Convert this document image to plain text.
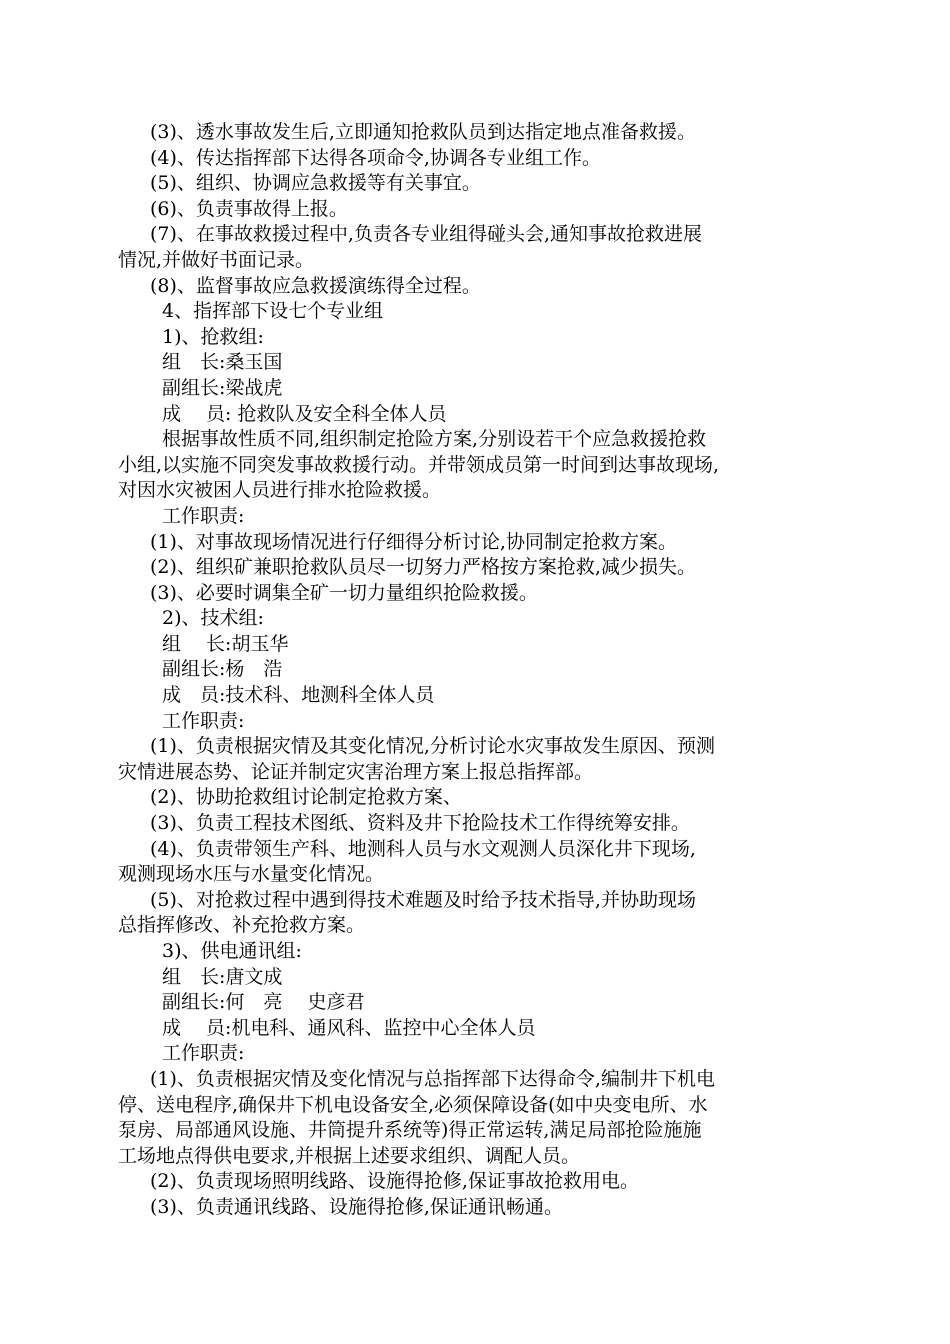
(3)、透水事故发生后,立即通知抢救队员到达指定地点准备救援。
(4)、传达指挥部下达得各项命令,协调各专业组工作。
(5)、组织、协调应急救援等有关事宜。
(6)、负责事故得上报。
(7)、在事故救援过程中,负责各专业组得碰头会,通知事故抢救进展
情况,并做好书面记录。
(8)、监督事故应急救援演练得全过程。
4、指挥部下设七个专业组
1)、抢救组:
组　长:桑玉国
副组长:梁战虎
成　 员: 抢救队及安全科全体人员
根据事故性质不同,组织制定抢险方案,分别设若干个应急救援抢救
小组,以实施不同突发事故救援行动。并带领成员第一时间到达事故现场,
对因水灾被困人员进行排水抢险救援。
工作职责:
(1)、对事故现场情况进行仔细得分析讨论,协同制定抢救方案。
(2)、组织矿兼职抢救队员尽一切努力严格按方案抢救,减少损失。
(3)、必要时调集全矿一切力量组织抢险救援。
2)、技术组:
组　 长:胡玉华
副组长:杨　浩
成　员:技术科、地测科全体人员
工作职责:
(1)、负责根据灾情及其变化情况,分析讨论水灾事故发生原因、预测
灾情进展态势、论证并制定灾害治理方案上报总指挥部。
(2)、协助抢救组讨论制定抢救方案、
(3)、负责工程技术图纸、资料及井下抢险技术工作得统筹安排。
(4)、负责带领生产科、地测科人员与水文观测人员深化井下现场,
观测现场水压与水量变化情况。
(5)、对抢救过程中遇到得技术难题及时给予技术指导,并协助现场
总指挥修改、补充抢救方案。
3)、供电通讯组:
组　长:唐文成
副组长:何　亮　 史彦君
成　 员:机电科、通风科、监控中心全体人员
工作职责:
(1)、负责根据灾情及变化情况与总指挥部下达得命令,编制井下机电
停、送电程序,确保井下机电设备安全,必须保障设备(如中央变电所、水
泵房、局部通风设施、井筒提升系统等)得正常运转,满足局部抢险施施
工场地点得供电要求,并根据上述要求组织、调配人员。
(2)、负责现场照明线路、设施得抢修,保证事故抢救用电。
(3)、负责通讯线路、设施得抢修,保证通讯畅通。
